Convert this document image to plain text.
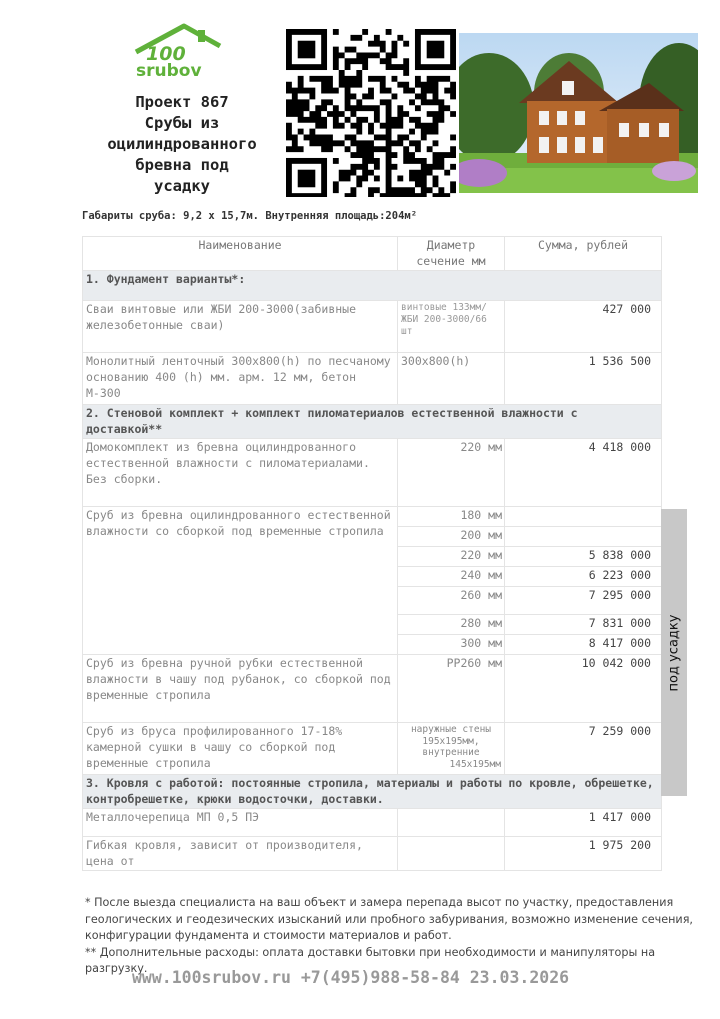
100
srubov
Проект 867
Срубы из
оцилиндрованного
бревна под
усадку
Габариты сруба: 9,2 х 15,7м. Внутренняя площадь:204м²
Наименование	Диаметр сечение мм	Сумма, рублей
1. Фундамент варианты*:		
Сваи винтовые или ЖБИ 200-3000(забивные железобетонные сваи)	винтовые 133мм/ЖБИ 200-3000/66 шт	427 000
Монолитный ленточный 300х800(h) по песчаному основанию 400 (h) мм. арм. 12 мм, бетон М-300	300х800(h)	1 536 500
2. Стеновой комплект + комплект пиломатериалов естественной влажности с доставкой**		
Домокомплект из бревна оцилиндрованного естественной влажности с пиломатериалами. Без сборки.	220 мм	4 418 000
Сруб из бревна оцилиндрованного естественной влажности со сборкой под временные стропила	180 мм	
	200 мм	
	220 мм	5 838 000
	240 мм	6 223 000
	260 мм	7 295 000
	280 мм	7 831 000
	300 мм	8 417 000
Сруб из бревна ручной рубки естественной влажности в чашу под рубанок, со сборкой под временные стропила	РР260 мм	10 042 000
Сруб из бруса профилированного 17-18% камерной сушки в чашу со сборкой под временные стропила	наружные стены
195х195мм,
внутренние
145х195мм	7 259 000
3. Кровля с работой: постоянные стропила, материалы и работы по кровле, обрешетке, контробрешетке, крюки водосточки, доставки.		
Металлочерепица МП 0,5 ПЭ		1 417 000
Гибкая кровля, зависит от производителя, цена от		1 975 200
под усадку
* После выезда специалиста на ваш объект и замера перепада высот по участку, предоставления геологических и геодезических изысканий или пробного забуривания, возможно изменение сечения, конфигурации фундамента и стоимости материалов и работ.
** Дополнительные расходы: оплата доставки бытовки при необходимости и манипуляторы на разгрузку.
www.100srubov.ru +7(495)988-58-84 23.03.2026
